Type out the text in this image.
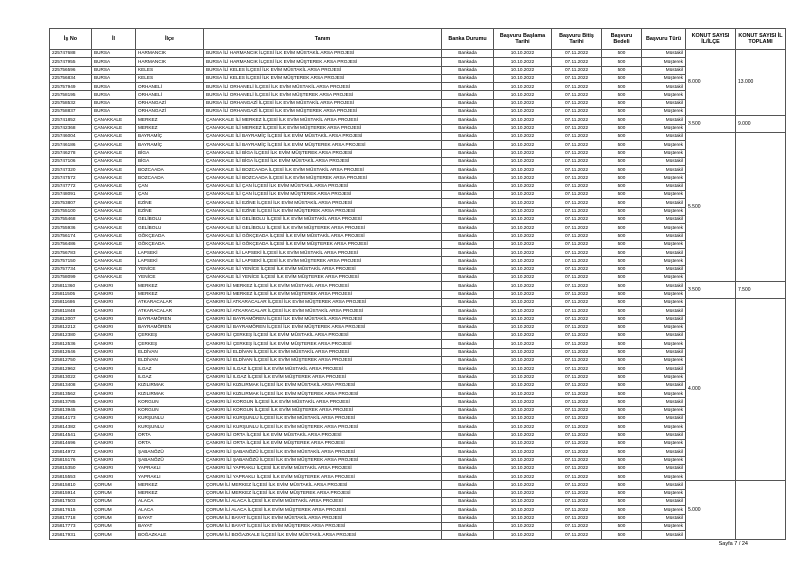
İş No	İl	İlçe	Tanım	Banka Durumu	Başvuru Başlama Tarihi	Başvuru Bitiş Tarihi	Başvuru Bedeli	Başvuru Türü	KONUT SAYISI İL/İLÇE	KONUT SAYISI İL TOPLAMI
225747688	BURSA	HARMANCIK	BURSA İLİ HARMANCIK İLÇESİ İLK EVİM MÜSTAKİL ARSA PROJESİ	Bankada	10.10.2022	07.11.2022	500	Müstakil	8.000	13.000
225747955	BURSA	HARMANCIK	BURSA İLİ HARMANCIK İLÇESİ İLK EVİM MÜŞTEREK ARSA PROJESİ	Bankada	10.10.2022	07.11.2022	500	Müşterek		
225756596	BURSA	KELES	BURSA İLİ KELES İLÇESİ İLK EVİM MÜSTAKİL ARSA PROJESİ	Bankada	10.10.2022	07.11.2022	500	Müstakil		
225756834	BURSA	KELES	BURSA İLİ KELES İLÇESİ İLK EVİM MÜŞTEREK ARSA PROJESİ	Bankada	10.10.2022	07.11.2022	500	Müşterek		
225757949	BURSA	ORHANELİ	BURSA İLİ ORHANELİ İLÇESİ İLK EVİM MÜSTAKİL ARSA PROJESİ	Bankada	10.10.2022	07.11.2022	500	Müstakil		
225758195	BURSA	ORHANELİ	BURSA İLİ ORHANELİ İLÇESİ İLK EVİM MÜŞTEREK ARSA PROJESİ	Bankada	10.10.2022	07.11.2022	500	Müşterek		
225758532	BURSA	ORHANGAZİ	BURSA İLİ ORHANGAZİ İLÇESİ İLK EVİM MÜSTAKİL ARSA PROJESİ	Bankada	10.10.2022	07.11.2022	500	Müstakil		
225758837	BURSA	ORHANGAZİ	BURSA İLİ ORHANGAZİ İLÇESİ İLK EVİM MÜŞTEREK ARSA PROJESİ	Bankada	10.10.2022	07.11.2022	500	Müşterek		
225741852	ÇANAKKALE	MERKEZ	ÇANAKKALE İLİ MERKEZ İLÇESİ İLK EVİM MÜSTAKİL ARSA PROJESİ	Bankada	10.10.2022	07.11.2022	500	Müstakil	3.500	9.000
225742368	ÇANAKKALE	MERKEZ	ÇANAKKALE İLİ MERKEZ İLÇESİ İLK EVİM MÜŞTEREK ARSA PROJESİ	Bankada	10.10.2022	07.11.2022	500	Müşterek		
225746004	ÇANAKKALE	BAYRAMİÇ	ÇANAKKALE İLİ BAYRAMİÇ İLÇESİ İLK EVİM MÜSTAKİL ARSA PROJESİ	Bankada	10.10.2022	07.11.2022	500	Müstakil	5.500	
225746186	ÇANAKKALE	BAYRAMİÇ	ÇANAKKALE İLİ BAYRAMİÇ İLÇESİ İLK EVİM MÜŞTEREK ARSA PROJESİ	Bankada	10.10.2022	07.11.2022	500	Müşterek		
225746278	ÇANAKKALE	BİGA	ÇANAKKALE İLİ BİGA İLÇESİ İLK EVİM MÜŞTEREK ARSA PROJESİ	Bankada	10.10.2022	07.11.2022	500	Müşterek		
225747106	ÇANAKKALE	BİGA	ÇANAKKALE İLİ BİGA İLÇESİ İLK EVİM MÜSTAKİL ARSA PROJESİ	Bankada	10.10.2022	07.11.2022	500	Müstakil		
225747320	ÇANAKKALE	BOZCAADA	ÇANAKKALE İLİ BOZCAADA İLÇESİ İLK EVİM MÜSTAKİL ARSA PROJESİ	Bankada	10.10.2022	07.11.2022	500	Müstakil		
225747572	ÇANAKKALE	BOZCAADA	ÇANAKKALE İLİ BOZCAADA İLÇESİ İLK EVİM MÜŞTEREK ARSA PROJESİ	Bankada	10.10.2022	07.11.2022	500	Müşterek		
225747772	ÇANAKKALE	ÇAN	ÇANAKKALE İLİ ÇAN İLÇESİ İLK EVİM MÜSTAKİL ARSA PROJESİ	Bankada	10.10.2022	07.11.2022	500	Müstakil		
225748091	ÇANAKKALE	ÇAN	ÇANAKKALE İLİ ÇAN İLÇESİ İLK EVİM MÜŞTEREK ARSA PROJESİ	Bankada	10.10.2022	07.11.2022	500	Müşterek		
225753807	ÇANAKKALE	EZİNE	ÇANAKKALE İLİ EZİNE İLÇESİ İLK EVİM MÜSTAKİL ARSA PROJESİ	Bankada	10.10.2022	07.11.2022	500	Müstakil		
225755100	ÇANAKKALE	EZİNE	ÇANAKKALE İLİ EZİNE İLÇESİ İLK EVİM MÜŞTEREK ARSA PROJESİ	Bankada	10.10.2022	07.11.2022	500	Müşterek		
225755468	ÇANAKKALE	GELİBOLU	ÇANAKKALE İLİ GELİBOLU İLÇESİ İLK EVİM MÜSTAKİL ARSA PROJESİ	Bankada	10.10.2022	07.11.2022	500	Müstakil		
225755936	ÇANAKKALE	GELİBOLU	ÇANAKKALE İLİ GELİBOLU İLÇESİ İLK EVİM MÜŞTEREK ARSA PROJESİ	Bankada	10.10.2022	07.11.2022	500	Müşterek		
225756174	ÇANAKKALE	GÖKÇEADA	ÇANAKKALE İLİ GÖKÇEADA İLÇESİ İLK EVİM MÜSTAKİL ARSA PROJESİ	Bankada	10.10.2022	07.11.2022	500	Müstakil		
225756486	ÇANAKKALE	GÖKÇEADA	ÇANAKKALE İLİ GÖKÇEADA İLÇESİ İLK EVİM MÜŞTEREK ARSA PROJESİ	Bankada	10.10.2022	07.11.2022	500	Müşterek		
225756783	ÇANAKKALE	LAPSEKİ	ÇANAKKALE İLİ LAPSEKİ İLÇESİ İLK EVİM MÜSTAKİL ARSA PROJESİ	Bankada	10.10.2022	07.11.2022	500	Müstakil		
225757150	ÇANAKKALE	LAPSEKİ	ÇANAKKALE İLİ LAPSEKİ İLÇESİ İLK EVİM MÜŞTEREK ARSA PROJESİ	Bankada	10.10.2022	07.11.2022	500	Müşterek		
225757734	ÇANAKKALE	YENİCE	ÇANAKKALE İLİ YENİCE İLÇESİ İLK EVİM MÜSTAKİL ARSA PROJESİ	Bankada	10.10.2022	07.11.2022	500	Müstakil		
225758099	ÇANAKKALE	YENİCE	ÇANAKKALE İLİ YENİCE İLÇESİ İLK EVİM MÜŞTEREK ARSA PROJESİ	Bankada	10.10.2022	07.11.2022	500	Müşterek		
225811360	ÇANKIRI	MERKEZ	ÇANKIRI İLİ MERKEZ İLÇESİ İLK EVİM MÜSTAKİL ARSA PROJESİ	Bankada	10.10.2022	07.11.2022	500	Müstakil	3.500	7.500
225811505	ÇANKIRI	MERKEZ	ÇANKIRI İLİ MERKEZ İLÇESİ İLK EVİM MÜŞTEREK ARSA PROJESİ	Bankada	10.10.2022	07.11.2022	500	Müşterek		
225811686	ÇANKIRI	ATKARACALAR	ÇANKIRI İLİ ATKARACALAR İLÇESİ İLK EVİM MÜŞTEREK ARSA PROJESİ	Bankada	10.10.2022	07.11.2022	500	Müşterek	4.000	
225811848	ÇANKIRI	ATKARACALAR	ÇANKIRI İLİ ATKARACALAR İLÇESİ İLK EVİM MÜSTAKİL ARSA PROJESİ	Bankada	10.10.2022	07.11.2022	500	Müstakil		
225812007	ÇANKIRI	BAYRAMÖREN	ÇANKIRI İLİ BAYRAMÖREN İLÇESİ İLK EVİM MÜSTAKİL ARSA PROJESİ	Bankada	10.10.2022	07.11.2022	500	Müstakil		
225812212	ÇANKIRI	BAYRAMÖREN	ÇANKIRI İLİ BAYRAMÖREN İLÇESİ İLK EVİM MÜŞTEREK ARSA PROJESİ	Bankada	10.10.2022	07.11.2022	500	Müşterek		
225812380	ÇANKIRI	ÇERKEŞ	ÇANKIRI İLİ ÇERKEŞ İLÇESİ İLK EVİM MÜSTAKİL ARSA PROJESİ	Bankada	10.10.2022	07.11.2022	500	Müstakil		
225812536	ÇANKIRI	ÇERKEŞ	ÇANKIRI İLİ ÇERKEŞ İLÇESİ İLK EVİM MÜŞTEREK ARSA PROJESİ	Bankada	10.10.2022	07.11.2022	500	Müşterek		
225812646	ÇANKIRI	ELDİVAN	ÇANKIRI İLİ ELDİVAN İLÇESİ İLK EVİM MÜSTAKİL ARSA PROJESİ	Bankada	10.10.2022	07.11.2022	500	Müstakil		
225812750	ÇANKIRI	ELDİVAN	ÇANKIRI İLİ ELDİVAN İLÇESİ İLK EVİM MÜŞTEREK ARSA PROJESİ	Bankada	10.10.2022	07.11.2022	500	Müşterek		
225812962	ÇANKIRI	ILGAZ	ÇANKIRI İLİ ILGAZ İLÇESİ İLK EVİM MÜSTAKİL ARSA PROJESİ	Bankada	10.10.2022	07.11.2022	500	Müstakil		
225813022	ÇANKIRI	ILGAZ	ÇANKIRI İLİ ILGAZ İLÇESİ İLK EVİM MÜŞTEREK ARSA PROJESİ	Bankada	10.10.2022	07.11.2022	500	Müşterek		
225813408	ÇANKIRI	KIZILIRMAK	ÇANKIRI İLİ KIZILIRMAK İLÇESİ İLK EVİM MÜSTAKİL ARSA PROJESİ	Bankada	10.10.2022	07.11.2022	500	Müstakil		
225813562	ÇANKIRI	KIZILIRMAK	ÇANKIRI İLİ KIZILIRMAK İLÇESİ İLK EVİM MÜŞTEREK ARSA PROJESİ	Bankada	10.10.2022	07.11.2022	500	Müşterek		
225813785	ÇANKIRI	KORGUN	ÇANKIRI İLİ KORGUN İLÇESİ İLK EVİM MÜSTAKİL ARSA PROJESİ	Bankada	10.10.2022	07.11.2022	500	Müstakil		
225813945	ÇANKIRI	KORGUN	ÇANKIRI İLİ KORGUN İLÇESİ İLK EVİM MÜŞTEREK ARSA PROJESİ	Bankada	10.10.2022	07.11.2022	500	Müşterek		
225814173	ÇANKIRI	KURŞUNLU	ÇANKIRI İLİ KURŞUNLU İLÇESİ İLK EVİM MÜSTAKİL ARSA PROJESİ	Bankada	10.10.2022	07.11.2022	500	Müstakil		
225814382	ÇANKIRI	KURŞUNLU	ÇANKIRI İLİ KURŞUNLU İLÇESİ İLK EVİM MÜŞTEREK ARSA PROJESİ	Bankada	10.10.2022	07.11.2022	500	Müşterek		
225814541	ÇANKIRI	ORTA	ÇANKIRI İLİ ORTA İLÇESİ İLK EVİM MÜSTAKİL ARSA PROJESİ	Bankada	10.10.2022	07.11.2022	500	Müstakil		
225814696	ÇANKIRI	ORTA	ÇANKIRI İLİ ORTA İLÇESİ İLK EVİM MÜŞTEREK ARSA PROJESİ	Bankada	10.10.2022	07.11.2022	500	Müşterek		
225814972	ÇANKIRI	ŞABANÖZÜ	ÇANKIRI İLİ ŞABANÖZÜ İLÇESİ İLK EVİM MÜSTAKİL ARSA PROJESİ	Bankada	10.10.2022	07.11.2022	500	Müstakil		
225815176	ÇANKIRI	ŞABANÖZÜ	ÇANKIRI İLİ ŞABANÖZÜ İLÇESİ İLK EVİM MÜŞTEREK ARSA PROJESİ	Bankada	10.10.2022	07.11.2022	500	Müşterek		
225815350	ÇANKIRI	YAPRAKLI	ÇANKIRI İLİ YAPRAKLI İLÇESİ İLK EVİM MÜSTAKİL ARSA PROJESİ	Bankada	10.10.2022	07.11.2022	500	Müstakil		
225815553	ÇANKIRI	YAPRAKLI	ÇANKIRI İLİ YAPRAKLI İLÇESİ İLK EVİM MÜŞTEREK ARSA PROJESİ	Bankada	10.10.2022	07.11.2022	500	Müşterek		
225815810	ÇORUM	MERKEZ	ÇORUM İLİ MERKEZ İLÇESİ İLK EVİM MÜSTAKİL ARSA PROJESİ	Bankada	10.10.2022	07.11.2022	500	Müstakil	5.000	
225815914	ÇORUM	MERKEZ	ÇORUM İLİ MERKEZ İLÇESİ İLK EVİM MÜŞTEREK ARSA PROJESİ	Bankada	10.10.2022	07.11.2022	500	Müşterek		
225817503	ÇORUM	ALACA	ÇORUM İLİ ALACA İLÇESİ İLK EVİM MÜSTAKİL ARSA PROJESİ	Bankada	10.10.2022	07.11.2022	500	Müstakil		
225817615	ÇORUM	ALACA	ÇORUM İLİ ALACA İLÇESİ İLK EVİM MÜŞTEREK ARSA PROJESİ	Bankada	10.10.2022	07.11.2022	500	Müşterek		
225817718	ÇORUM	BAYAT	ÇORUM İLİ BAYAT İLÇESİ İLK EVİM MÜSTAKİL ARSA PROJESİ	Bankada	10.10.2022	07.11.2022	500	Müstakil		
225817773	ÇORUM	BAYAT	ÇORUM İLİ BAYAT İLÇESİ İLK EVİM MÜŞTEREK ARSA PROJESİ	Bankada	10.10.2022	07.11.2022	500	Müşterek		
225817931	ÇORUM	BOĞAZKALE	ÇORUM İLİ BOĞAZKALE İLÇESİ İLK EVİM MÜSTAKİL ARSA PROJESİ	Bankada	10.10.2022	07.11.2022	500	Müstakil		
Sayfa 7 / 24
